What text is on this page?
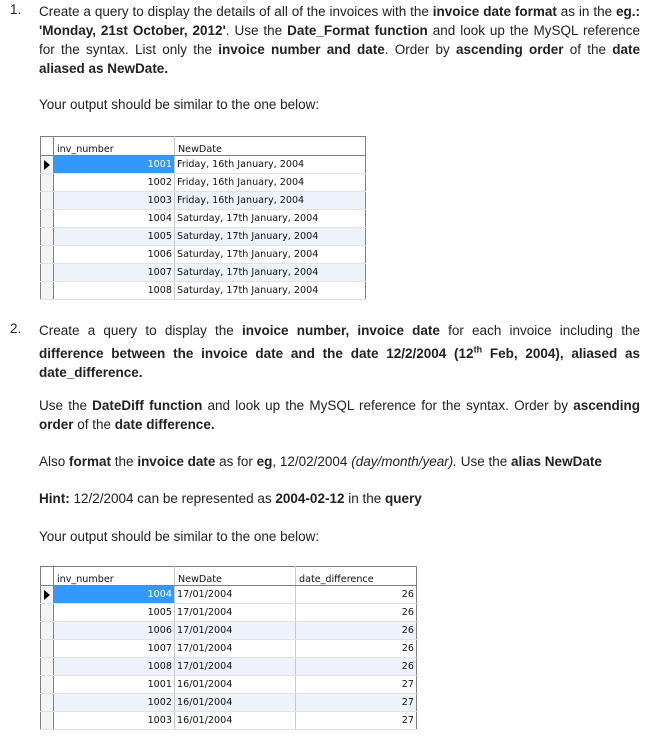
1. Create a query to display the details of all of the invoices with the invoice date format as in the eg.: 'Monday, 21st October, 2012'. Use the Date_Format function and look up the MySQL reference for the syntax. List only the invoice number and date. Order by ascending order of the date aliased as NewDate.
Your output should be similar to the one below:
	inv_number	NewDate

	1001	Friday, 16th January, 2004
	1002	Friday, 16th January, 2004
	1003	Friday, 16th January, 2004
	1004	Saturday, 17th January, 2004
	1005	Saturday, 17th January, 2004
	1006	Saturday, 17th January, 2004
	1007	Saturday, 17th January, 2004
	1008	Saturday, 17th January, 2004
2. Create a query to display the invoice number, invoice date for each invoice including the difference between the invoice date and the date 12/2/2004 (12th Feb, 2004), aliased as date_difference.
Use the DateDiff function and look up the MySQL reference for the syntax. Order by ascending order of the date difference.
Also format the invoice date as for eg, 12/02/2004 (day/month/year). Use the alias NewDate
Hint: 12/2/2004 can be represented as 2004-02-12 in the query
Your output should be similar to the one below:
	inv_number	NewDate	date_difference

	1004	17/01/2004	26
	1005	17/01/2004	26
	1006	17/01/2004	26
	1007	17/01/2004	26
	1008	17/01/2004	26
	1001	16/01/2004	27
	1002	16/01/2004	27
	1003	16/01/2004	27
